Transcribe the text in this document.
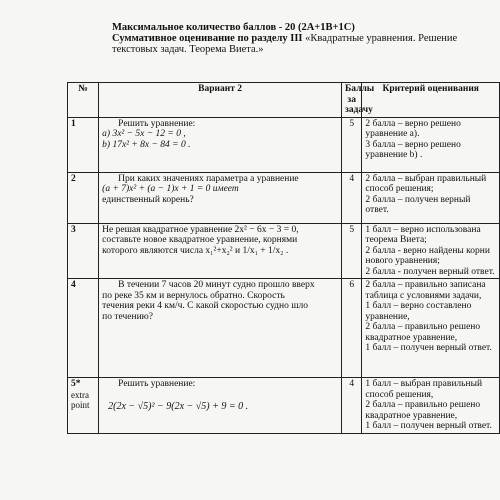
Максимальное количество баллов - 20 (2А+1В+1С)
Суммативное оценивание по разделу III «Квадратные уравнения. Решение
текстовых задач. Теорема Виета.»
№	Вариант 2	Баллы за задачу	Критерий оценивания
1	Решить уравнение:
а) 3x² − 5x − 12 = 0 ,
b) 17x² + 8x − 84 = 0 .	5	2 балла – верно решено уравнение а).
3 балла – верно решено уравнение b) .

2	При каких значениях параметра a уравнение
(a + 7)x² + (a − 1)x + 1 = 0 имеет
единственный корень?	4	2 балла – выбран правильный способ решения;
2 балла – получен верный ответ.

3	Не решая квадратное уравнение 2x² − 6x − 3 = 0,
составьте новое квадратное уравнение, корнями
которого являются числа x₁²+x₂² и 1/x₁ + 1/x₂ .	5	1 балл – верно использована теорема Виета;
2 балла - верно найдены корни нового уравнения;
2 балла - получен верный ответ.

4	В течении 7 часов 20 минут судно прошло вверх
по реке 35 км и вернулось обратно. Скорость
течения реки 4 км/ч. С какой скоростью судно шло
по течению?	6	2 балла – правильно записана таблица с условиями задачи,
1 балл – верно составлено уравнение,
2 балла – правильно решено квадратное уравнение,
1 балл – получен верный ответ.

5*
extra point	Решить уравнение:
2(2x − √5)² − 9(2x − √5) + 9 = 0 .	4	1 балл – выбран правильный способ решения,
2 балла – правильно решено квадратное уравнение,
1 балл – получен верный ответ.
